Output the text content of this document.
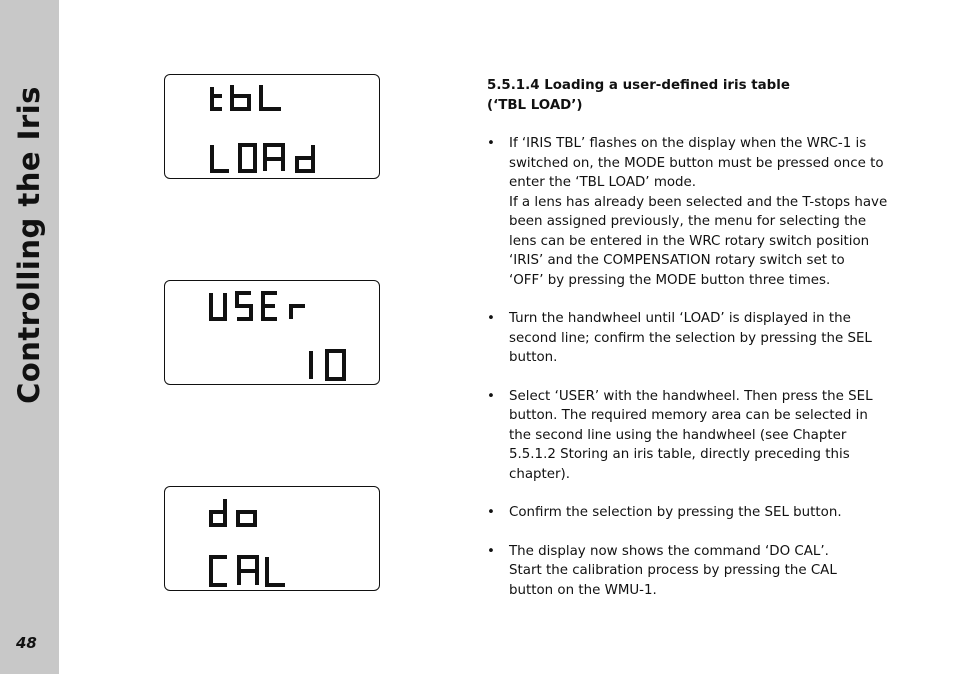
Controlling the Iris
48
5.5.1.4 Loading a user-defined iris table
(‘TBL LOAD’)
• If ‘IRIS TBL’ flashes on the display when the WRC-1 is
switched on, the MODE button must be pressed once to
enter the ‘TBL LOAD’ mode.
If a lens has already been selected and the T-stops have
been assigned previously, the menu for selecting the
lens can be entered in the WRC rotary switch position
‘IRIS’ and the COMPENSATION rotary switch set to
‘OFF’ by pressing the MODE button three times.
• Turn the handwheel until ‘LOAD’ is displayed in the
second line; confirm the selection by pressing the SEL
button.
• Select ‘USER’ with the handwheel. Then press the SEL
button. The required memory area can be selected in
the second line using the handwheel (see Chapter
5.5.1.2 Storing an iris table, directly preceding this
chapter).
• Confirm the selection by pressing the SEL button.
• The display now shows the command ‘DO CAL’.
Start the calibration process by pressing the CAL
button on the WMU-1.
